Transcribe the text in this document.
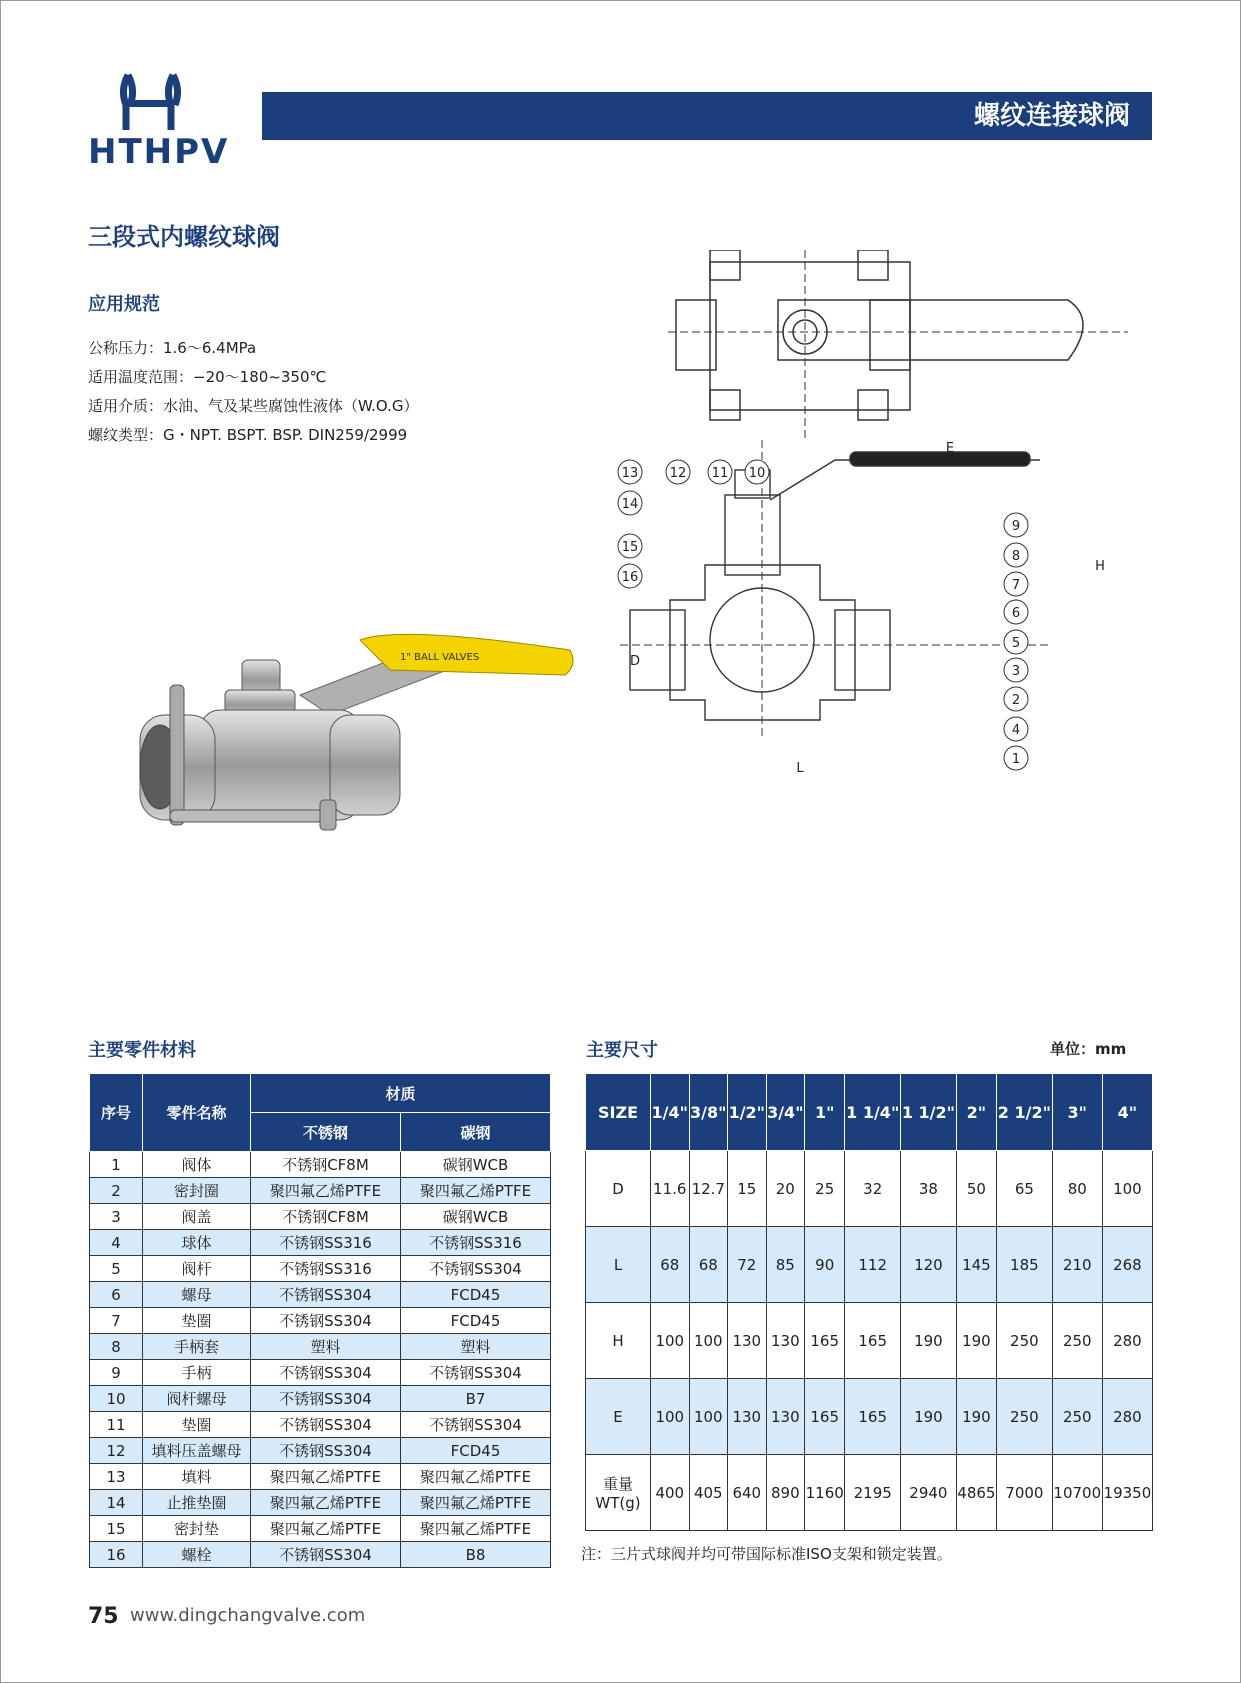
HTHPV
螺纹连接球阀
三段式内螺纹球阀
应用规范
公称压力：1.6～6.4MPa
适用温度范围：−20～180~350℃
适用介质：水油、气及某些腐蚀性液体（W.O.G）
螺纹类型：G・NPT. BSPT. BSP. DIN259/2999
1" BALL VALVES
13 12 11 10
14
15
16
9
8
7
6
5
3
2
4
1
E
H
D
L
主要零件材料
序号	零件名称	材质	
		不锈钢	碳钢
1	阀体	不锈钢CF8M	碳钢WCB
2	密封圈	聚四氟乙烯PTFE	聚四氟乙烯PTFE
3	阀盖	不锈钢CF8M	碳钢WCB
4	球体	不锈钢SS316	不锈钢SS316
5	阀杆	不锈钢SS316	不锈钢SS304
6	螺母	不锈钢SS304	FCD45
7	垫圈	不锈钢SS304	FCD45
8	手柄套	塑料	塑料
9	手柄	不锈钢SS304	不锈钢SS304
10	阀杆螺母	不锈钢SS304	B7
11	垫圈	不锈钢SS304	不锈钢SS304
12	填料压盖螺母	不锈钢SS304	FCD45
13	填料	聚四氟乙烯PTFE	聚四氟乙烯PTFE
14	止推垫圈	聚四氟乙烯PTFE	聚四氟乙烯PTFE
15	密封垫	聚四氟乙烯PTFE	聚四氟乙烯PTFE
16	螺栓	不锈钢SS304	B8
主要尺寸	单位：mm
SIZE	1/4"	3/8"	1/2"	3/4"	1"	1 1/4"	1 1/2"	2"	2 1/2"	3"	4"
D	11.6	12.7	15	20	25	32	38	50	65	80	100
L	68	68	72	85	90	112	120	145	185	210	268
H	100	100	130	130	165	165	190	190	250	250	280
E	100	100	130	130	165	165	190	190	250	250	280
重量 WT(g)	400	405	640	890	1160	2195	2940	4865	7000	10700	19350
注：三片式球阀并均可带国际标准ISO支架和锁定装置。
75 www.dingchangvalve.com
